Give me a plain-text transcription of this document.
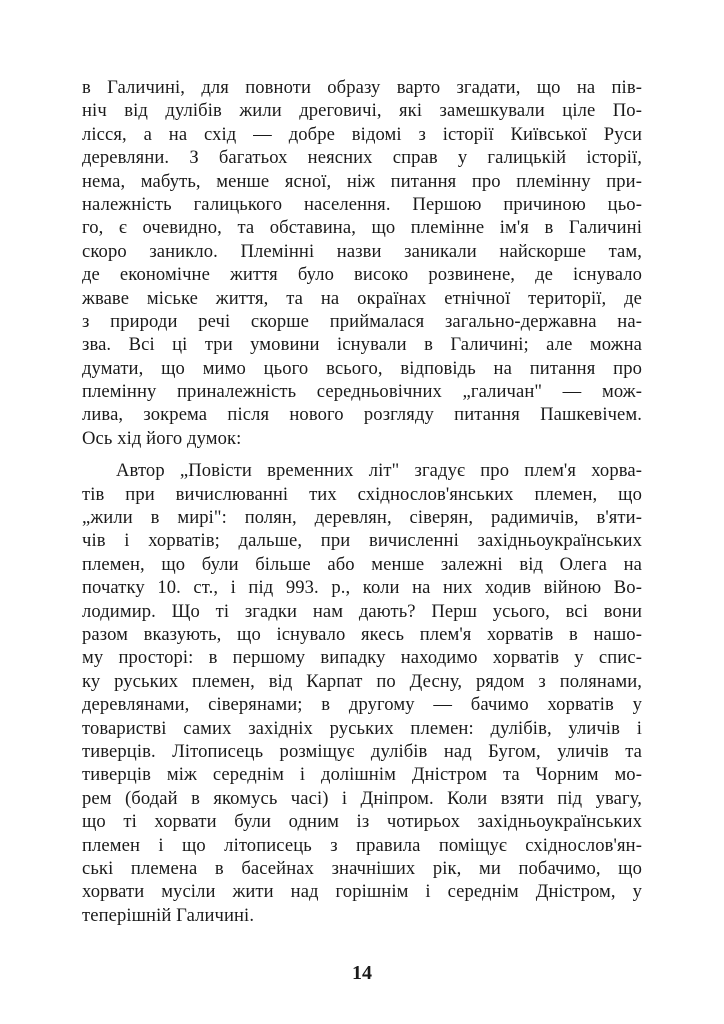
в Галичині, для повноти образу варто згадати, що на пів-
ніч від дулібів жили дреговичі, які замешкували ціле По-
лісся, а на схід — добре відомі з історії Київської Руси
деревляни. З багатьох неясних справ у галицькій історії,
нема, мабуть, менше ясної, ніж питання про племінну при-
належність галицького населення. Першою причиною цьо-
го, є очевидно, та обставина, що племінне ім'я в Галичині
скоро заникло. Племінні назви заникали найскорше там,
де економічне життя було високо розвинене, де існувало
жваве міське життя, та на окраїнах етнічної території, де
з природи речі скорше приймалася загально-державна на-
зва. Всі ці три умовини існували в Галичині; але можна
думати, що мимо цього всього, відповідь на питання про
племінну приналежність середньовічних „галичан" — мож-
лива, зокрема після нового розгляду питання Пашкевічем.
Ось хід його думок:
Автор „Повісти временних літ" згадує про плем'я хорва-
тів при вичислюванні тих східнослов'янських племен, що
„жили в мирі": полян, деревлян, сіверян, радимичів, в'яти-
чів і хорватів; дальше, при вичисленні західньоукраїнських
племен, що були більше або менше залежні від Олега на
початку 10. ст., і під 993. р., коли на них ходив війною Во-
лодимир. Що ті згадки нам дають? Перш усього, всі вони
разом вказують, що існувало якесь плем'я хорватів в нашо-
му просторі: в першому випадку находимо хорватів у спис-
ку руських племен, від Карпат по Десну, рядом з полянами,
деревлянами, сіверянами; в другому — бачимо хорватів у
товаристві самих західніх руських племен: дулібів, уличів і
тиверців. Літописець розміщує дулібів над Бугом, уличів та
тиверців між середнім і долішнім Дністром та Чорним мо-
рем (бодай в якомусь часі) і Дніпром. Коли взяти під увагу,
що ті хорвати були одним із чотирьох західньоукраїнських
племен і що літописець з правила поміщує східнослов'ян-
ські племена в басейнах значніших рік, ми побачимо, що
хорвати мусіли жити над горішнім і середнім Дністром, у
теперішній Галичині.
14
